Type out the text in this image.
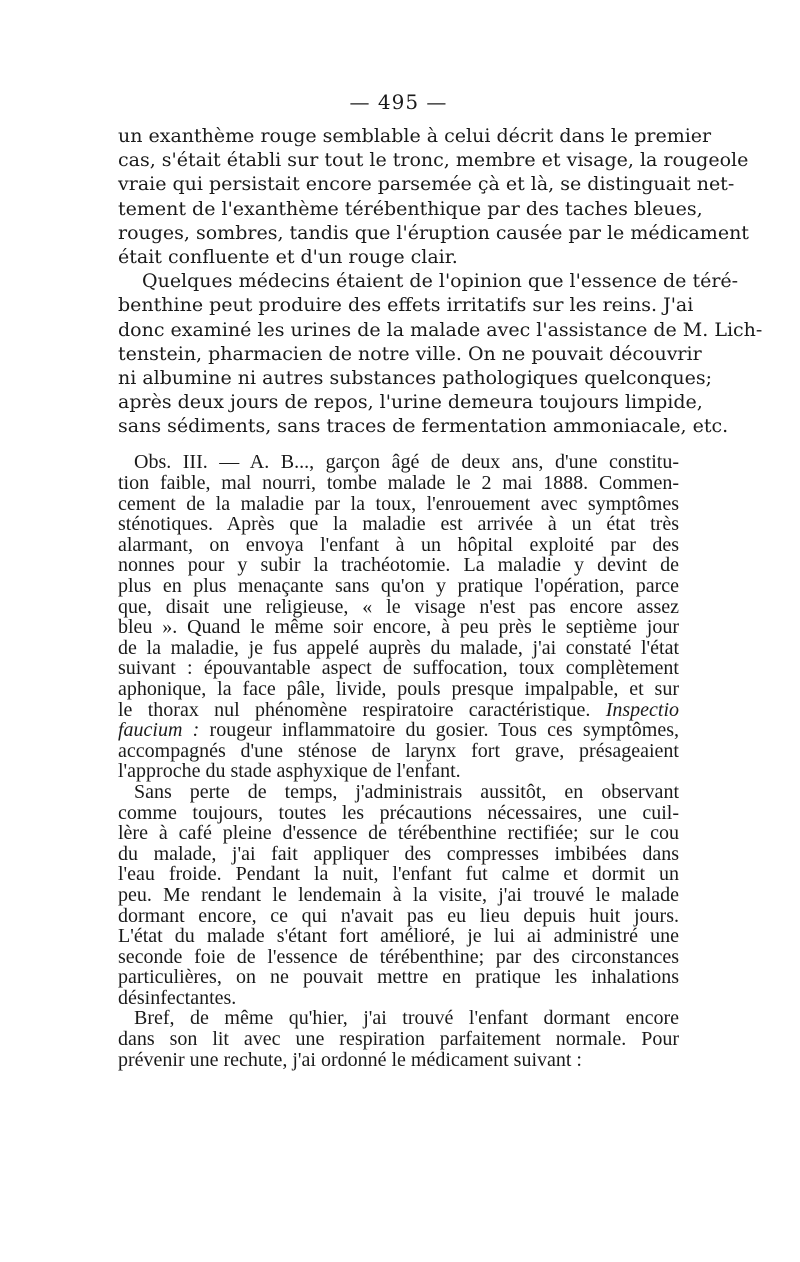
— 495 —
un exanthème rouge semblable à celui décrit dans le premier
cas, s'était établi sur tout le tronc, membre et visage, la rougeole
vraie qui persistait encore parsemée çà et là, se distinguait net-
tement de l'exanthème térébenthique par des taches bleues,
rouges, sombres, tandis que l'éruption causée par le médicament
était confluente et d'un rouge clair.
Quelques médecins étaient de l'opinion que l'essence de téré-
benthine peut produire des effets irritatifs sur les reins. J'ai
donc examiné les urines de la malade avec l'assistance de M. Lich-
tenstein, pharmacien de notre ville. On ne pouvait découvrir
ni albumine ni autres substances pathologiques quelconques;
après deux jours de repos, l'urine demeura toujours limpide,
sans sédiments, sans traces de fermentation ammoniacale, etc.
Obs. III. — A. B..., garçon âgé de deux ans, d'une constitu-
tion faible, mal nourri, tombe malade le 2 mai 1888. Commen-
cement de la maladie par la toux, l'enrouement avec symptômes
sténotiques. Après que la maladie est arrivée à un état très
alarmant, on envoya l'enfant à un hôpital exploité par des
nonnes pour y subir la trachéotomie. La maladie y devint de
plus en plus menaçante sans qu'on y pratique l'opération, parce
que, disait une religieuse, « le visage n'est pas encore assez
bleu ». Quand le même soir encore, à peu près le septième jour
de la maladie, je fus appelé auprès du malade, j'ai constaté l'état
suivant : épouvantable aspect de suffocation, toux complètement
aphonique, la face pâle, livide, pouls presque impalpable, et sur
le thorax nul phénomène respiratoire caractéristique. Inspectio
faucium : rougeur inflammatoire du gosier. Tous ces symptômes,
accompagnés d'une sténose de larynx fort grave, présageaient
l'approche du stade asphyxique de l'enfant.
Sans perte de temps, j'administrais aussitôt, en observant
comme toujours, toutes les précautions nécessaires, une cuil-
lère à café pleine d'essence de térébenthine rectifiée; sur le cou
du malade, j'ai fait appliquer des compresses imbibées dans
l'eau froide. Pendant la nuit, l'enfant fut calme et dormit un
peu. Me rendant le lendemain à la visite, j'ai trouvé le malade
dormant encore, ce qui n'avait pas eu lieu depuis huit jours.
L'état du malade s'étant fort amélioré, je lui ai administré une
seconde foie de l'essence de térébenthine; par des circonstances
particulières, on ne pouvait mettre en pratique les inhalations
désinfectantes.
Bref, de même qu'hier, j'ai trouvé l'enfant dormant encore
dans son lit avec une respiration parfaitement normale. Pour
prévenir une rechute, j'ai ordonné le médicament suivant :
